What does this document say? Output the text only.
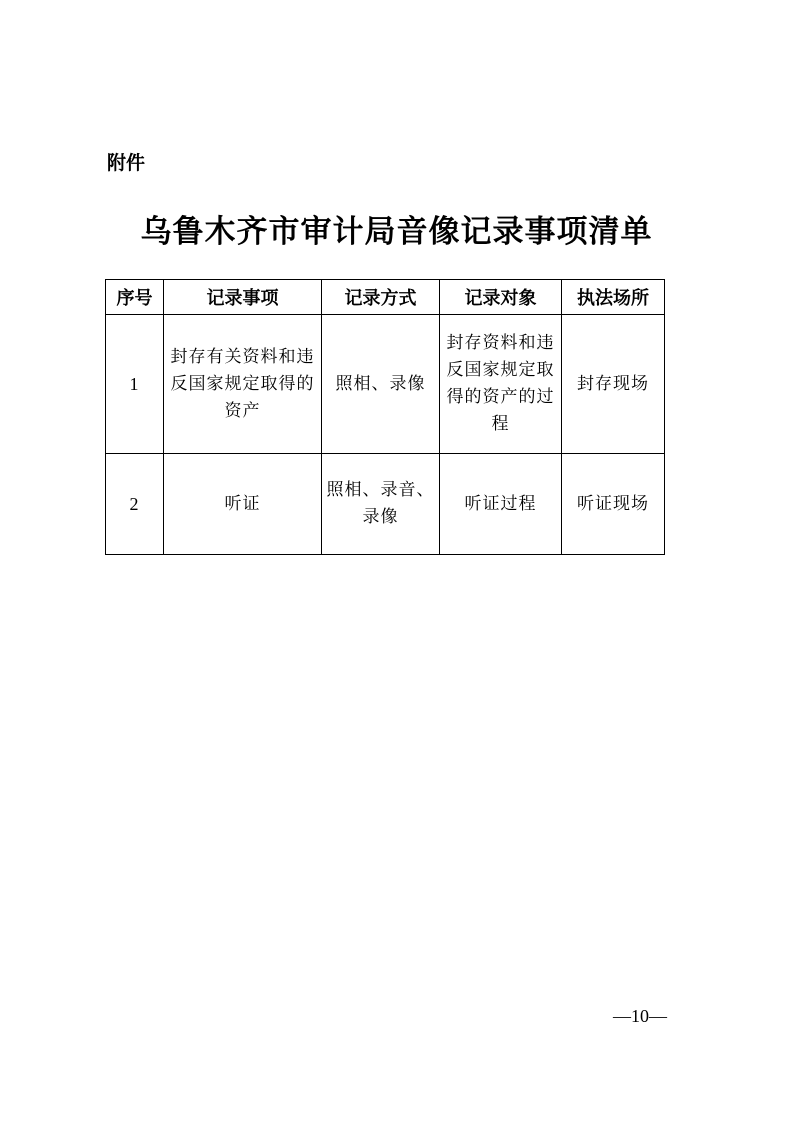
附件
乌鲁木齐市审计局音像记录事项清单
序号	记录事项	记录方式	记录对象	执法场所
1	封存有关资料和违反国家规定取得的资产	照相、录像	封存资料和违反国家规定取得的资产的过程	封存现场
2	听证	照相、录音、录像	听证过程	听证现场
—10—
